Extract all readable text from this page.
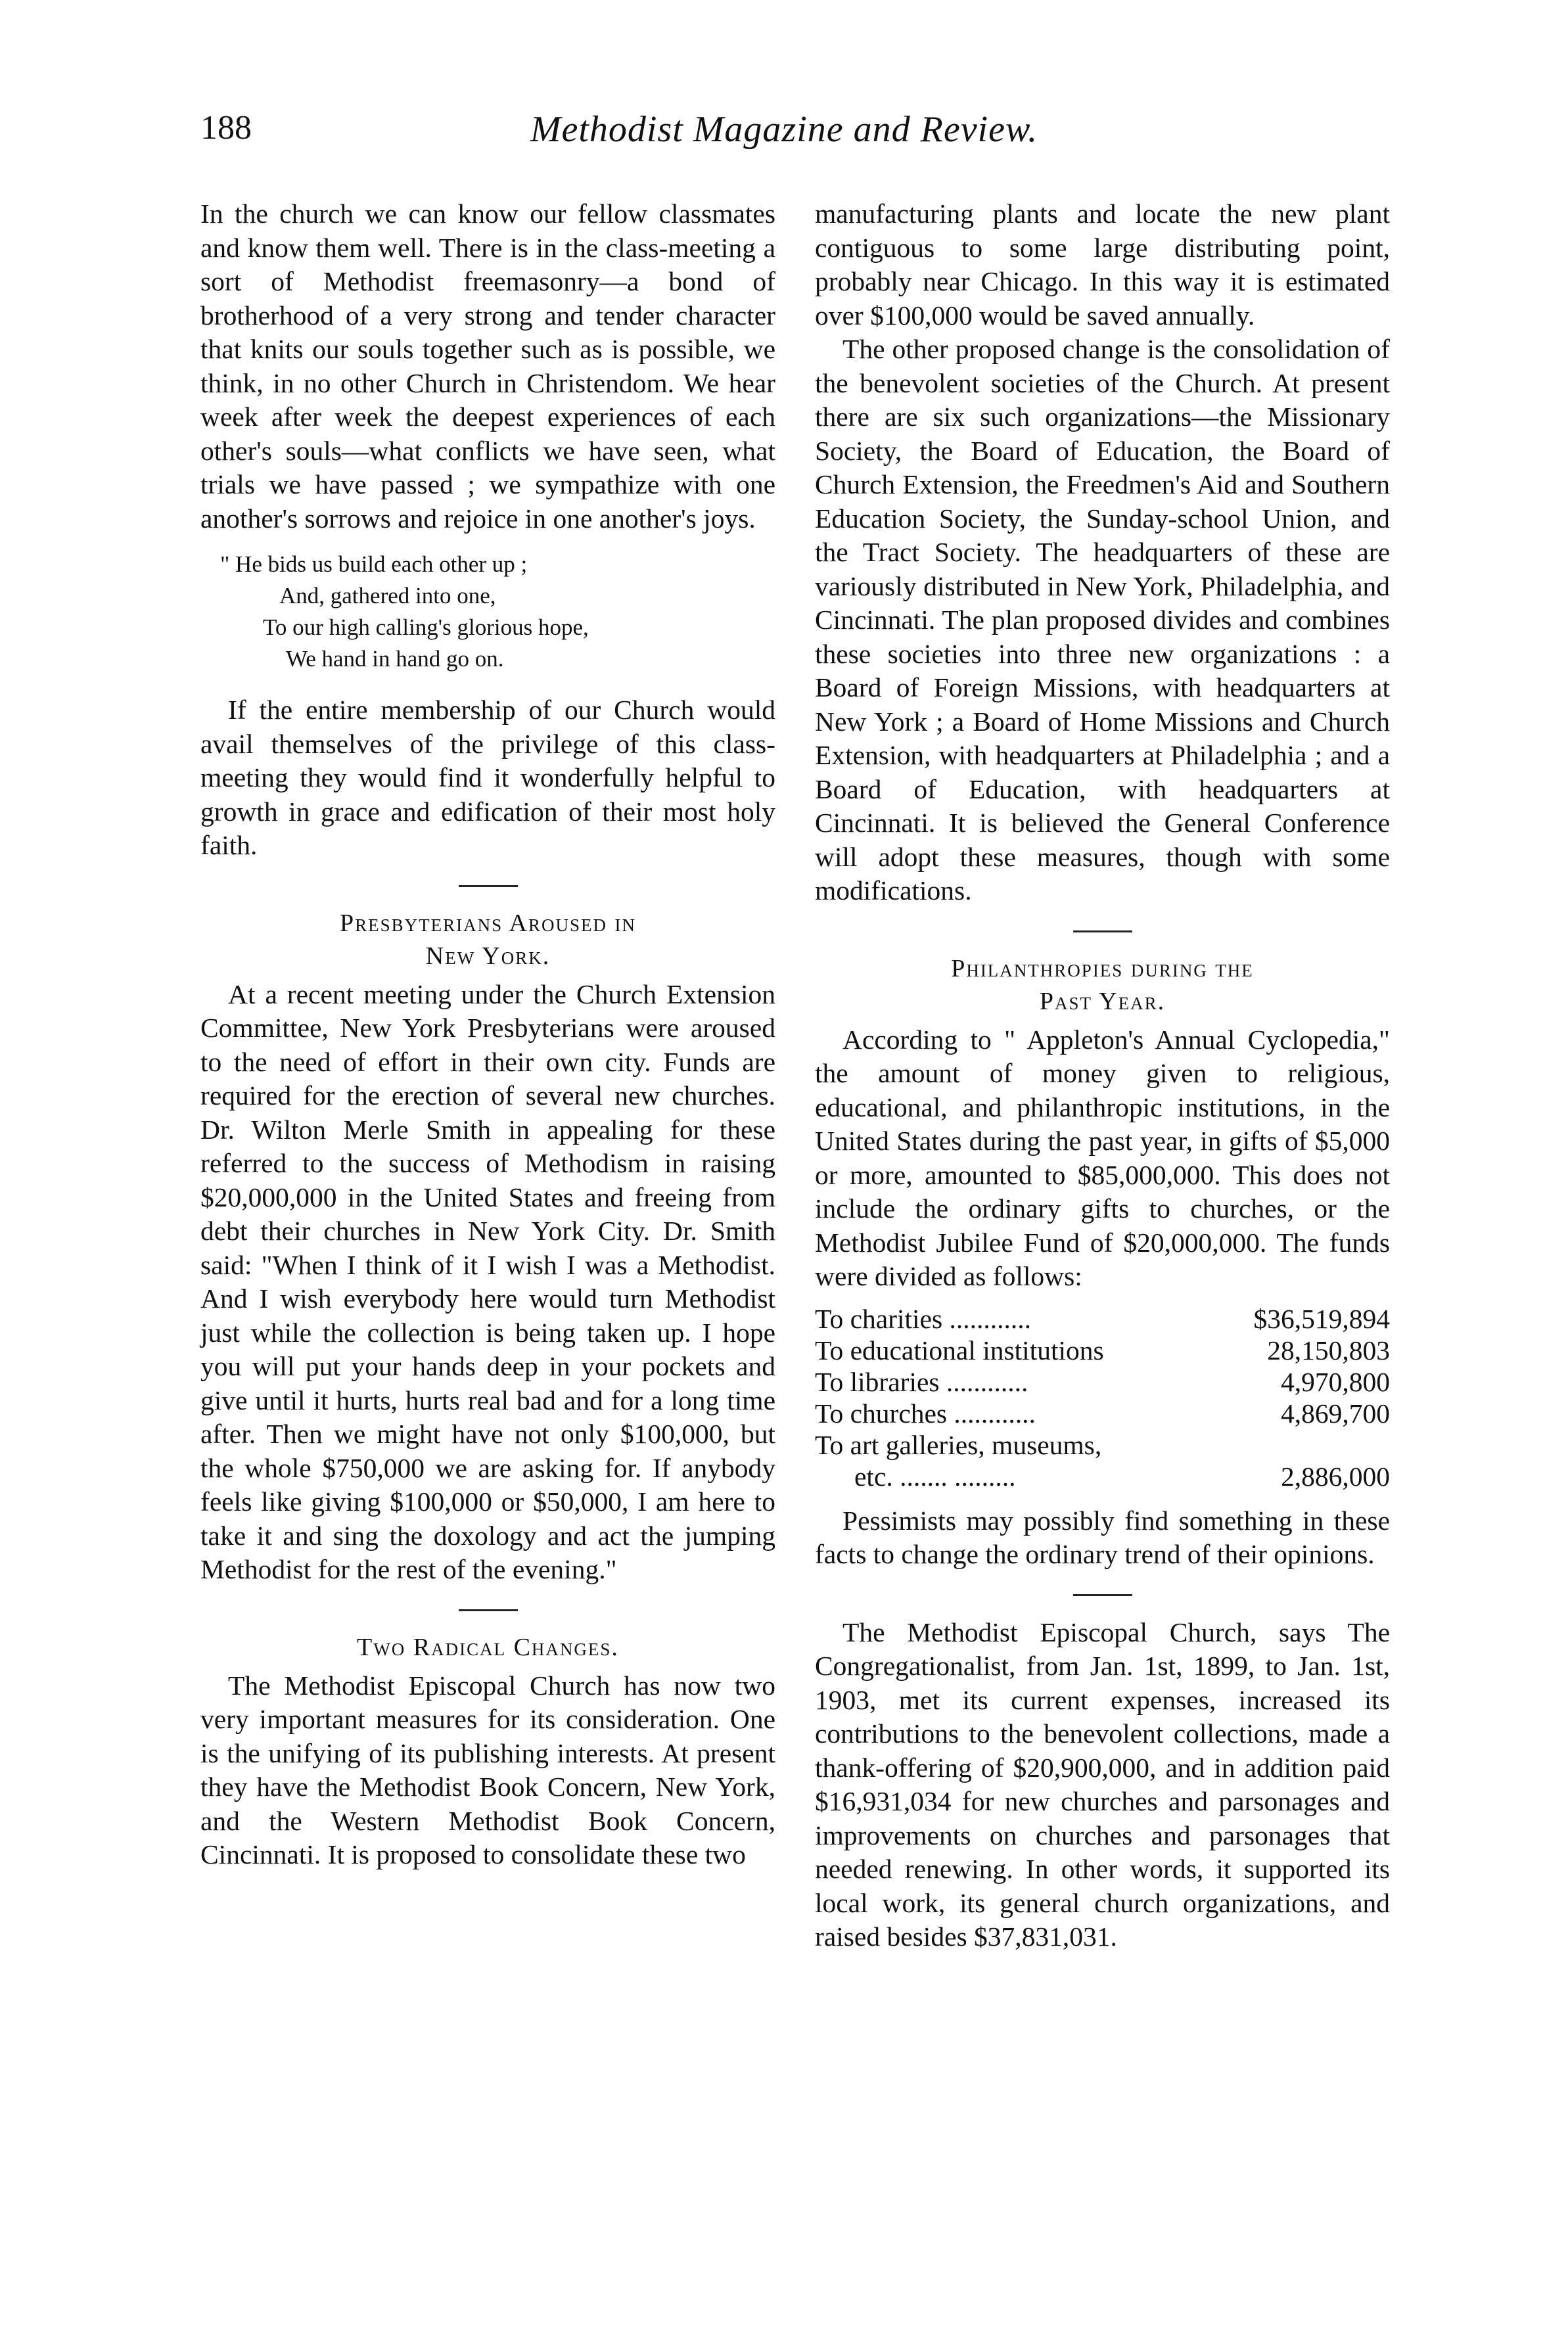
188	Methodist Magazine and Review.

In the church we can know our fellow classmates and know them well. There is in the class-meeting a sort of Methodist freemasonry—a bond of brotherhood of a very strong and tender character that knits our souls together such as is possible, we think, in no other Church in Christendom. We hear week after week the deepest experiences of each other's souls—what conflicts we have seen, what trials we have passed ; we sympathize with one another's sorrows and rejoice in one another's joys.

" He bids us build each other up ;
And, gathered into one,
To our high calling's glorious hope,
We hand in hand go on.

If the entire membership of our Church would avail themselves of the privilege of this class-meeting they would find it wonderfully helpful to growth in grace and edification of their most holy faith.

Presbyterians Aroused in
New York.

At a recent meeting under the Church Extension Committee, New York Presbyterians were aroused to the need of effort in their own city. Funds are required for the erection of several new churches. Dr. Wilton Merle Smith in appealing for these referred to the success of Methodism in raising $20,000,000 in the United States and freeing from debt their churches in New York City. Dr. Smith said: "When I think of it I wish I was a Methodist. And I wish everybody here would turn Methodist just while the collection is being taken up. I hope you will put your hands deep in your pockets and give until it hurts, hurts real bad and for a long time after. Then we might have not only $100,000, but the whole $750,000 we are asking for. If anybody feels like giving $100,000 or $50,000, I am here to take it and sing the doxology and act the jumping Methodist for the rest of the evening."

Two Radical Changes.

The Methodist Episcopal Church has now two very important measures for its consideration. One is the unifying of its publishing interests. At present they have the Methodist Book Concern, New York, and the Western Methodist Book Concern, Cincinnati. It is proposed to consolidate these two

manufacturing plants and locate the new plant contiguous to some large distributing point, probably near Chicago. In this way it is estimated over $100,000 would be saved annually.

The other proposed change is the consolidation of the benevolent societies of the Church. At present there are six such organizations—the Missionary Society, the Board of Education, the Board of Church Extension, the Freedmen's Aid and Southern Education Society, the Sunday-school Union, and the Tract Society. The headquarters of these are variously distributed in New York, Philadelphia, and Cincinnati. The plan proposed divides and combines these societies into three new organizations : a Board of Foreign Missions, with headquarters at New York ; a Board of Home Missions and Church Extension, with headquarters at Philadelphia ; and a Board of Education, with headquarters at Cincinnati. It is believed the General Conference will adopt these measures, though with some modifications.

Philanthropies during the
Past Year.

According to " Appleton's Annual Cyclopedia," the amount of money given to religious, educational, and philanthropic institutions, in the United States during the past year, in gifts of $5,000 or more, amounted to $85,000,000. This does not include the ordinary gifts to churches, or the Methodist Jubilee Fund of $20,000,000. The funds were divided as follows:

To charities ............	$36,519,894
To educational institutions	28,150,803
To libraries ............	4,970,800
To churches ............	4,869,700
To art galleries, museums,	
etc. ....... .........	2,886,000

Pessimists may possibly find something in these facts to change the ordinary trend of their opinions.

The Methodist Episcopal Church, says The Congregationalist, from Jan. 1st, 1899, to Jan. 1st, 1903, met its current expenses, increased its contributions to the benevolent collections, made a thank-offering of $20,900,000, and in addition paid $16,931,034 for new churches and parsonages and improvements on churches and parsonages that needed renewing. In other words, it supported its local work, its general church organizations, and raised besides $37,831,031.
